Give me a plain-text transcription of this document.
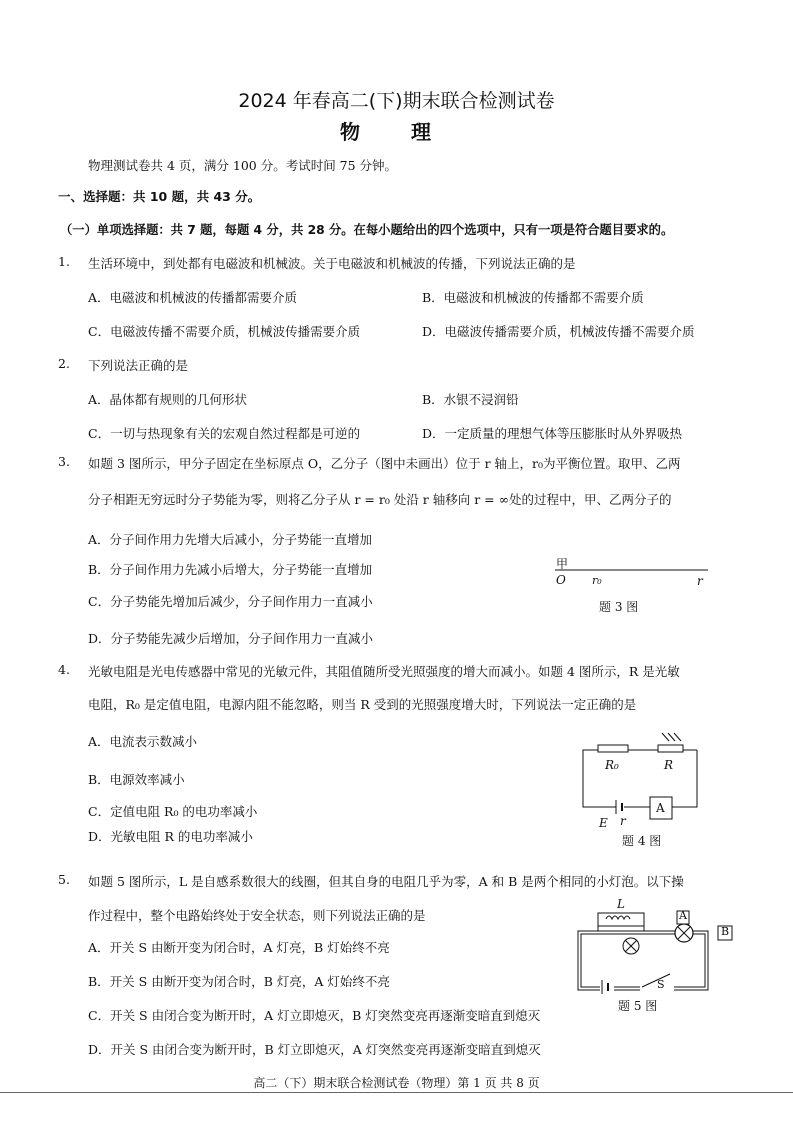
2024 年春高二(下)期末联合检测试卷
物 理
物理测试卷共 4 页，满分 100 分。考试时间 75 分钟。
一、选择题：共 10 题，共 43 分。
（一）单项选择题：共 7 题，每题 4 分，共 28 分。在每小题给出的四个选项中，只有一项是符合题目要求的。
1. 生活环境中，到处都有电磁波和机械波。关于电磁波和机械波的传播，下列说法正确的是
A．电磁波和机械波的传播都需要介质	B．电磁波和机械波的传播都不需要介质
C．电磁波传播不需要介质，机械波传播需要介质	D．电磁波传播需要介质，机械波传播不需要介质
2. 下列说法正确的是
A．晶体都有规则的几何形状	B．水银不浸润铅
C．一切与热现象有关的宏观自然过程都是可逆的	D．一定质量的理想气体等压膨胀时从外界吸热
3. 如题 3 图所示，甲分子固定在坐标原点 O，乙分子（图中未画出）位于 r 轴上，r₀为平衡位置。取甲、乙两
分子相距无穷远时分子势能为零，则将乙分子从 r = r₀ 处沿 r 轴移向 r = ∞处的过程中，甲、乙两分子的
A．分子间作用力先增大后减小，分子势能一直增加
B．分子间作用力先减小后增大，分子势能一直增加
C．分子势能先增加后减少，分子间作用力一直减小
D．分子势能先减少后增加，分子间作用力一直减小
甲
O r₀	r
题 3 图
4. 光敏电阻是光电传感器中常见的光敏元件，其阻值随所受光照强度的增大而减小。如题 4 图所示，R 是光敏
电阻，R₀ 是定值电阻，电源内阻不能忽略，则当 R 受到的光照强度增大时，下列说法一定正确的是
A．电流表示数减小
B．电源效率减小
C．定值电阻 R₀ 的电功率减小
D．光敏电阻 R 的电功率减小
R₀	R
A
E r
题 4 图
5. 如题 5 图所示，L 是自感系数很大的线圈，但其自身的电阻几乎为零，A 和 B 是两个相同的小灯泡。以下操
作过程中，整个电路始终处于安全状态，则下列说法正确的是
A．开关 S 由断开变为闭合时，A 灯亮，B 灯始终不亮
B．开关 S 由断开变为闭合时，B 灯亮，A 灯始终不亮
C．开关 S 由闭合变为断开时，A 灯立即熄灭，B 灯突然变亮再逐渐变暗直到熄灭
D．开关 S 由闭合变为断开时，B 灯立即熄灭，A 灯突然变亮再逐渐变暗直到熄灭
L
A
B
S
题 5 图
高二（下）期末联合检测试卷（物理）第 1 页 共 8 页
